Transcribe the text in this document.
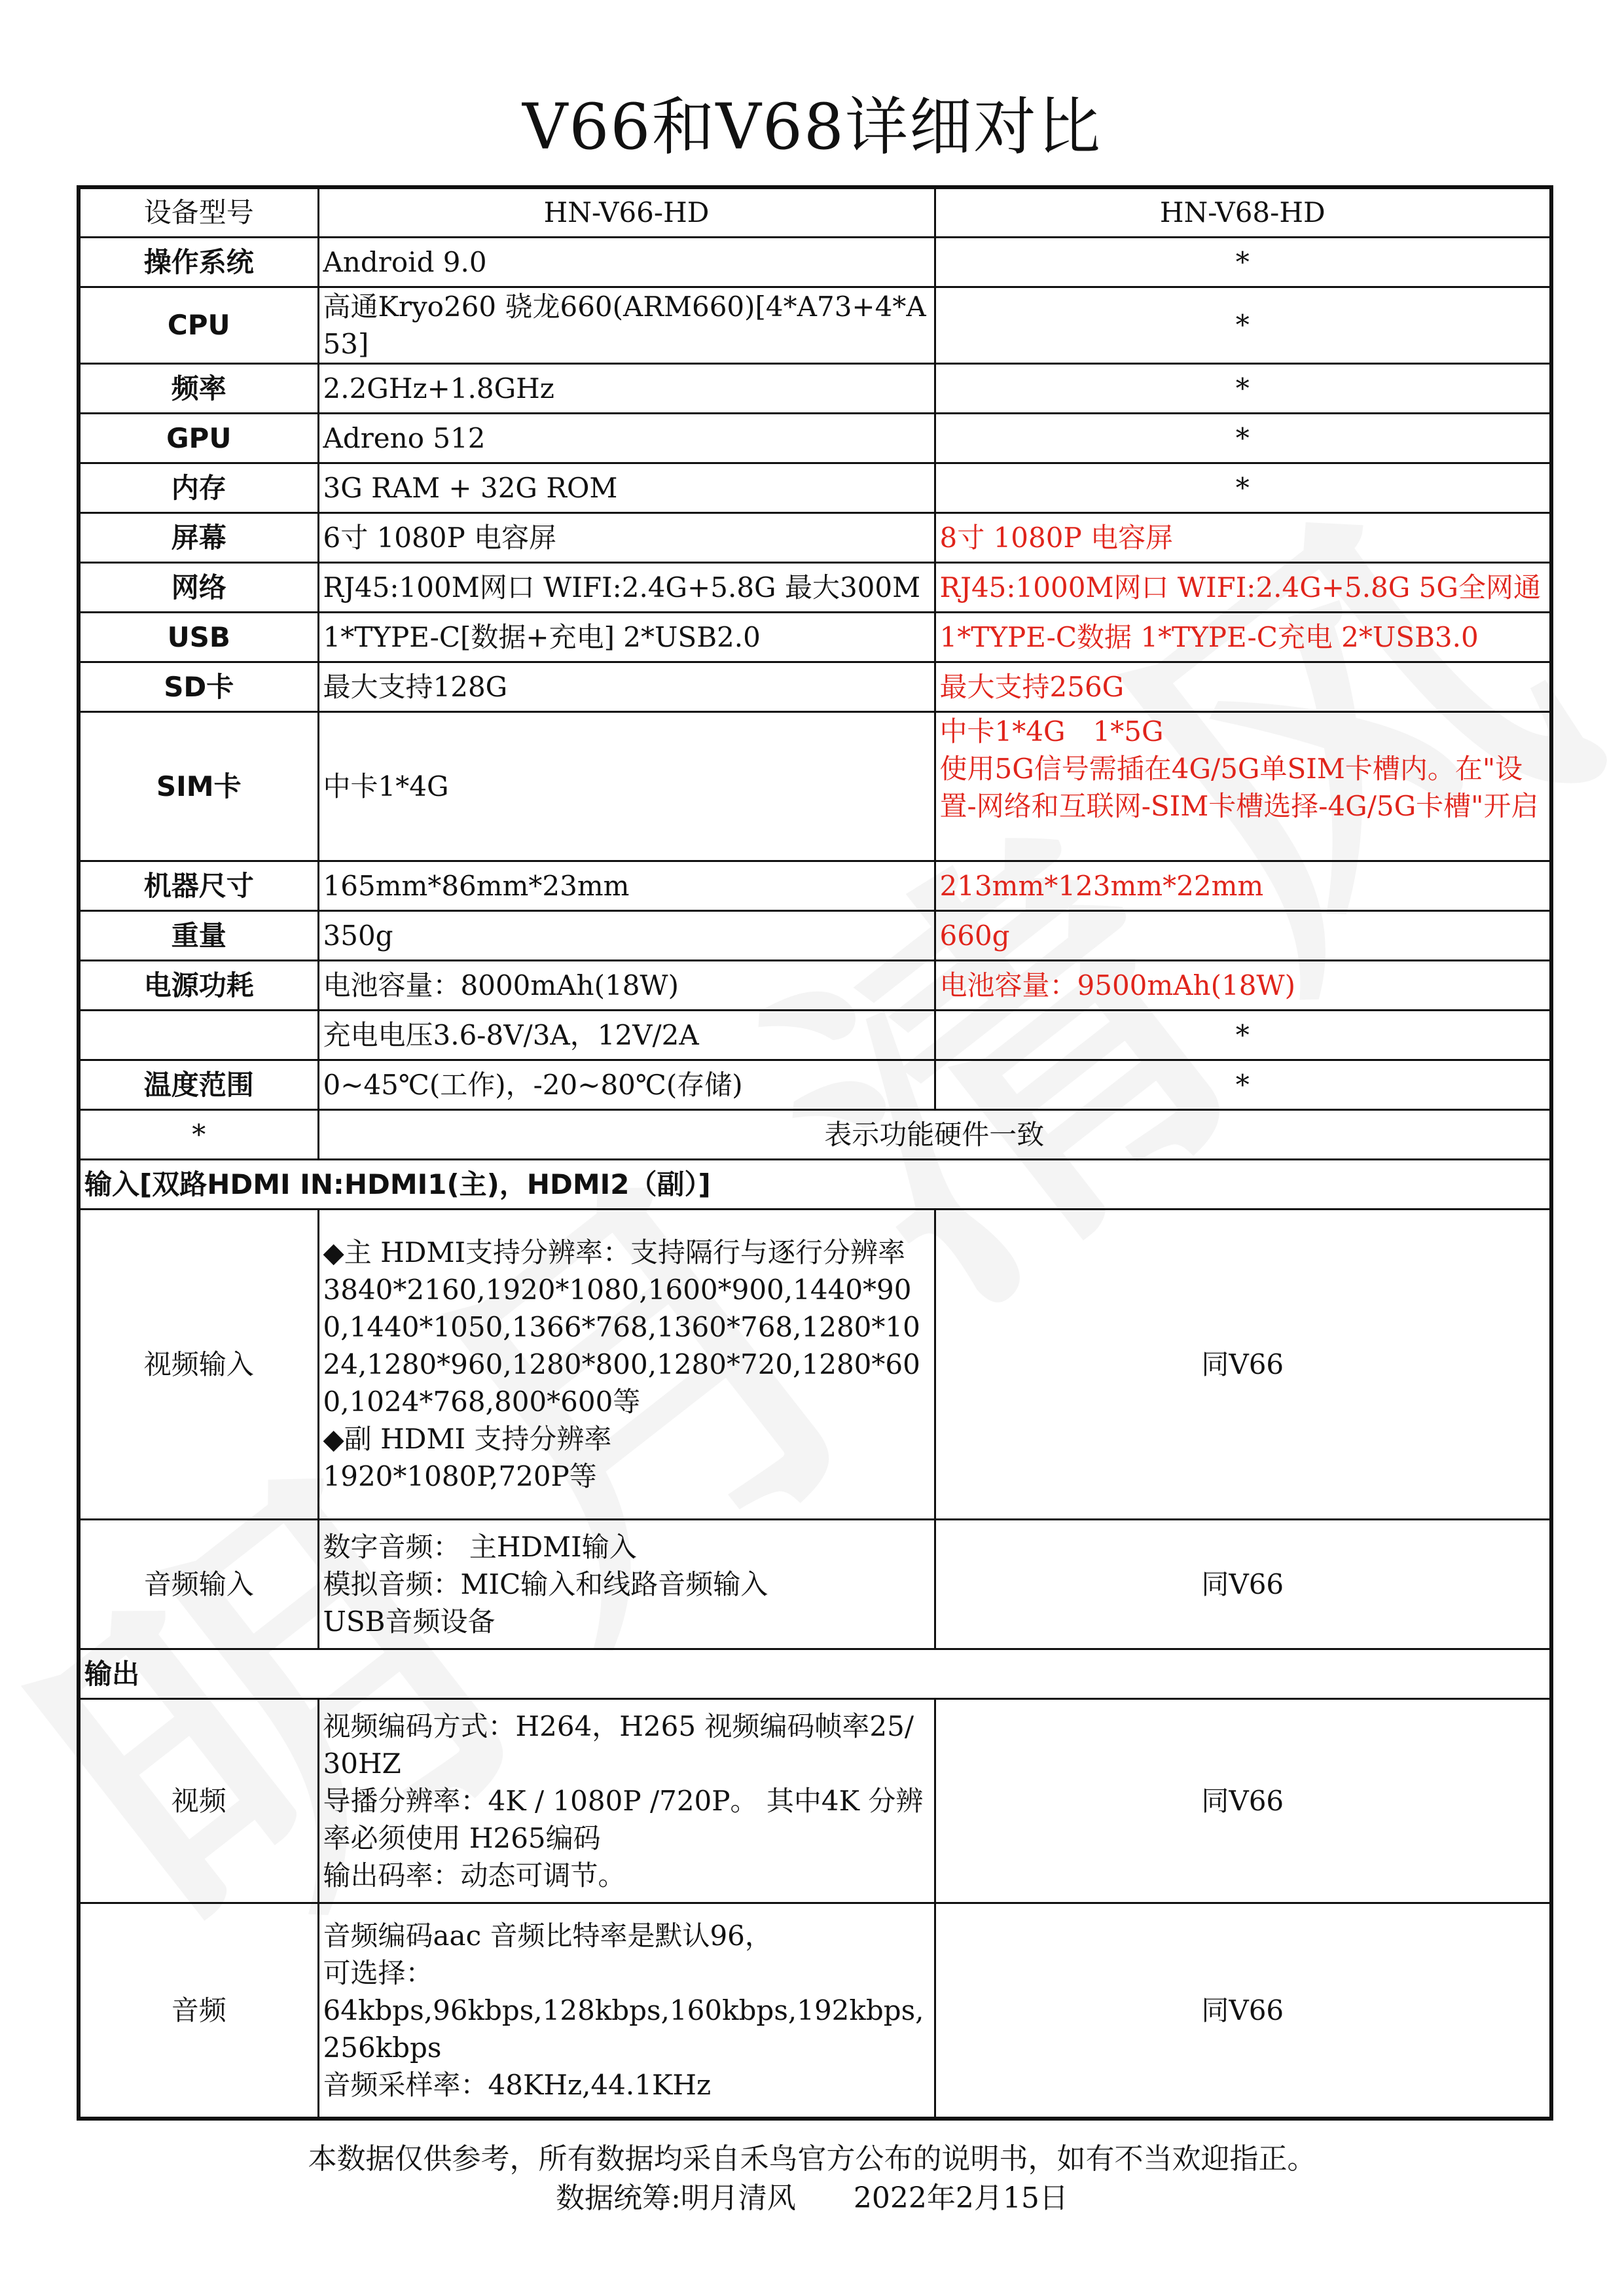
V66和V68详细对比
设备型号	HN-V66-HD	HN-V68-HD
操作系统	Android 9.0	*
CPU	高通Kryo260 骁龙660(ARM660)[4*A73+4*A53]	*
频率	2.2GHz+1.8GHz	*
GPU	Adreno 512	*
内存	3G RAM + 32G ROM	*
屏幕	6寸 1080P 电容屏	8寸 1080P 电容屏
网络	RJ45:100M网口 WIFI:2.4G+5.8G 最大300M	RJ45:1000M网口 WIFI:2.4G+5.8G 5G全网通
USB	1*TYPE-C[数据+充电] 2*USB2.0	1*TYPE-C数据 1*TYPE-C充电 2*USB3.0
SD卡	最大支持128G	最大支持256G
SIM卡	中卡1*4G	中卡1*4G　1*5G
使用5G信号需插在4G/5G单SIM卡槽内。在"设置-网络和互联网-SIM卡槽选择-4G/5G卡槽"开启

机器尺寸	165mm*86mm*23mm	213mm*123mm*22mm
重量	350g	660g
电源功耗	电池容量：8000mAh(18W)	电池容量：9500mAh(18W)
	充电电压3.6-8V/3A，12V/2A	*
温度范围	0~45℃(工作)，-20~80℃(存储)	*
*	表示功能硬件一致	
输入[双路HDMI IN:HDMI1(主)，HDMI2（副）]		
视频输入	◆主 HDMI支持分辨率：支持隔行与逐行分辨率
3840*2160,1920*1080,1600*900,1440*900,1440*1050,1366*768,1360*768,1280*1024,1280*960,1280*800,1280*720,1280*600,1024*768,800*600等
◆副 HDMI 支持分辨率
1920*1080P,720P等	同V66
音频输入	数字音频： 主HDMI输入
模拟音频：MIC输入和线路音频输入
USB音频设备	同V66
输出		
视频	视频编码方式：H264，H265 视频编码帧率25/30HZ
导播分辨率：4K / 1080P /720P。 其中4K 分辨率必须使用 H265编码
输出码率：动态可调节。	同V66
音频	音频编码aac 音频比特率是默认96，
可选择：
64kbps,96kbps,128kbps,160kbps,192kbps,256kbps
音频采样率：48KHz,44.1KHz	同V66
本数据仅供参考，所有数据均采自禾鸟官方公布的说明书，如有不当欢迎指正。
数据统筹:明月清风　　2022年2月15日
